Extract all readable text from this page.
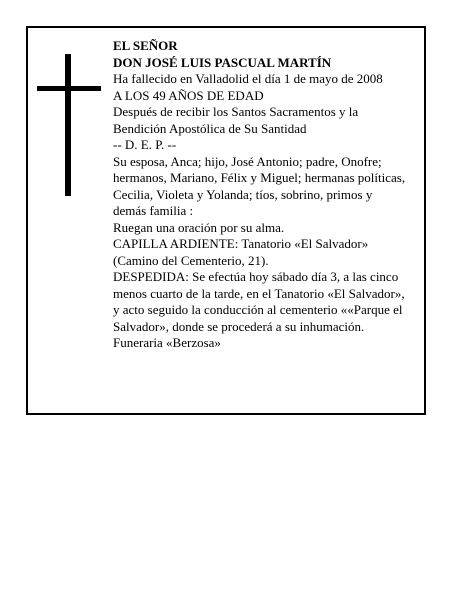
EL SEÑOR
DON JOSÉ LUIS PASCUAL MARTÍN
Ha fallecido en Valladolid el día 1 de mayo de 2008
A LOS 49 AÑOS DE EDAD
Después de recibir los Santos Sacramentos y la
Bendición Apostólica de Su Santidad
-- D. E. P. --
Su esposa, Anca; hijo, José Antonio; padre, Onofre;
hermanos, Mariano, Félix y Miguel; hermanas políticas,
Cecilia, Violeta y Yolanda; tíos, sobrino, primos y
demás familia :
Ruegan una oración por su alma.
CAPILLA ARDIENTE: Tanatorio «El Salvador»
(Camino del Cementerio, 21).
DESPEDIDA: Se efectúa hoy sábado día 3, a las cinco
menos cuarto de la tarde, en el Tanatorio «El Salvador»,
y acto seguido la conducción al cementerio ««Parque el
Salvador», donde se procederá a su inhumación.
Funeraria «Berzosa»
